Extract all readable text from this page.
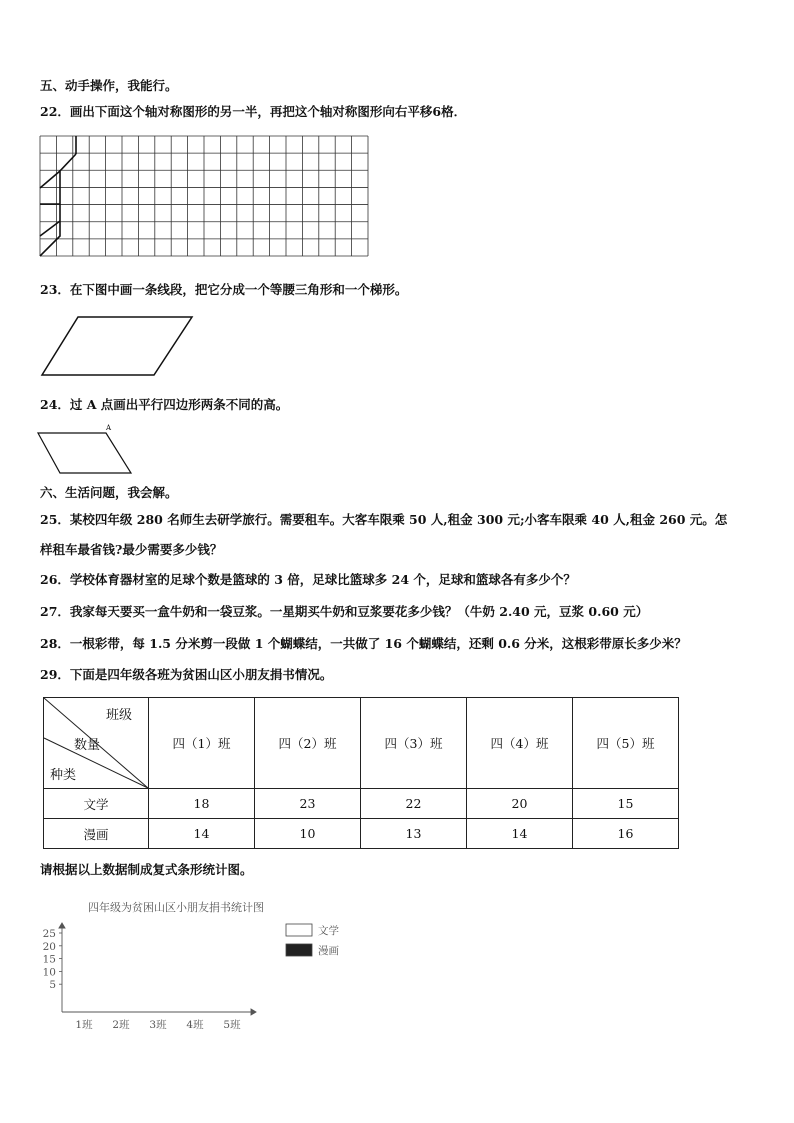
五、动手操作，我能行。
22．画出下面这个轴对称图形的另一半，再把这个轴对称图形向右平移6格．
23．在下图中画一条线段，把它分成一个等腰三角形和一个梯形。
24．过 A 点画出平行四边形两条不同的高。
A
六、生活问题，我会解。
25．某校四年级 280 名师生去研学旅行。需要租车。大客车限乘 50 人,租金 300 元;小客车限乘 40 人,租金 260 元。怎
样租车最省钱?最少需要多少钱？
26．学校体育器材室的足球个数是篮球的 3 倍，足球比篮球多 24 个，足球和篮球各有多少个？
27．我家每天要买一盒牛奶和一袋豆浆。一星期买牛奶和豆浆要花多少钱？（牛奶 2.40 元，豆浆 0.60 元）
28．一根彩带，每 1.5 分米剪一段做 1 个蝴蝶结，一共做了 16 个蝴蝶结，还剩 0.6 分米，这根彩带原长多少米？
29．下面是四年级各班为贫困山区小朋友捐书情况。
班级
数量
种类	四（1）班	四（2）班	四（3）班	四（4）班	四（5）班
文学	18	23	22	20	15
漫画	14	10	13	14	16
请根据以上数据制成复式条形统计图。
四年级为贫困山区小朋友捐书统计图
25
20
15
10
5
1班 2班 3班 4班 5班
文学
漫画
